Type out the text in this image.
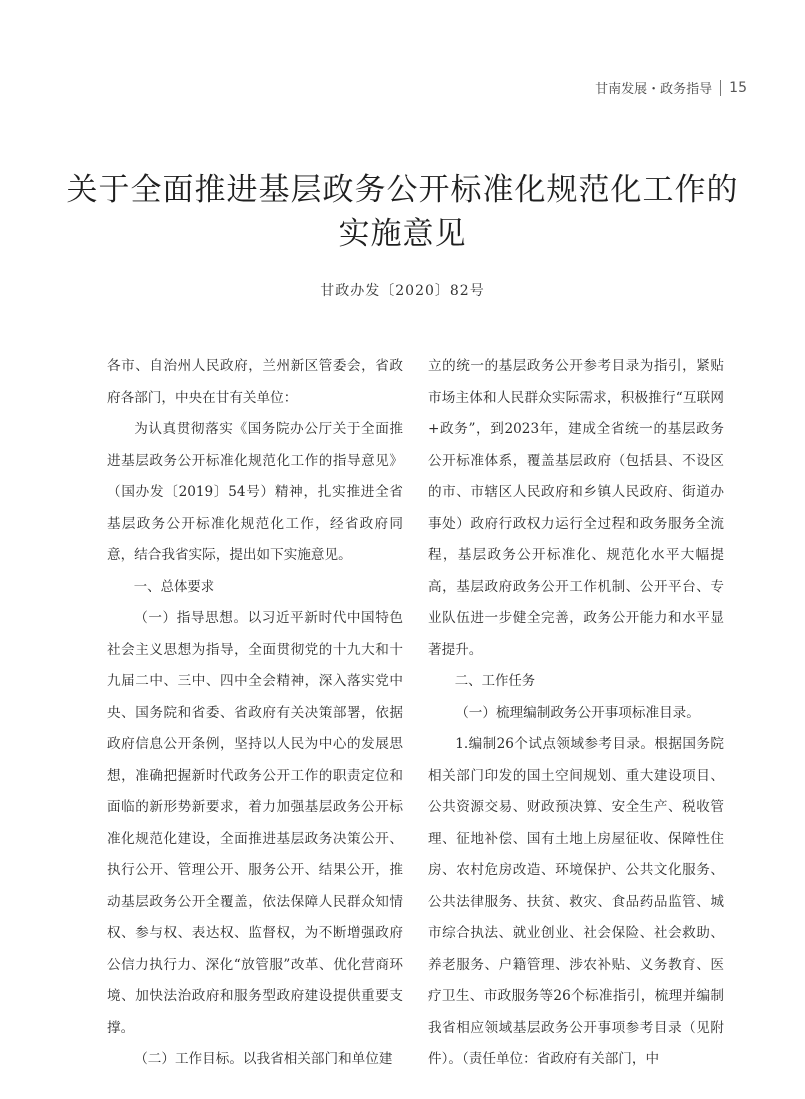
甘南发展・政务指导 15
关于全面推进基层政务公开标准化规范化工作的
实施意见
甘政办发〔2020〕82号

各市、自治州人民政府，兰州新区管委会，省政府各部门，中央在甘有关单位：

为认真贯彻落实《国务院办公厅关于全面推进基层政务公开标准化规范化工作的指导意见》（国办发〔2019〕54号）精神，扎实推进全省基层政务公开标准化规范化工作，经省政府同意，结合我省实际，提出如下实施意见。

一、总体要求

（一）指导思想。以习近平新时代中国特色社会主义思想为指导，全面贯彻党的十九大和十九届二中、三中、四中全会精神，深入落实党中央、国务院和省委、省政府有关决策部署，依据政府信息公开条例，坚持以人民为中心的发展思想，准确把握新时代政务公开工作的职责定位和面临的新形势新要求，着力加强基层政务公开标准化规范化建设，全面推进基层政务决策公开、执行公开、管理公开、服务公开、结果公开，推动基层政务公开全覆盖，依法保障人民群众知情权、参与权、表达权、监督权，为不断增强政府公信力执行力、深化“放管服”改革、优化营商环境、加快法治政府和服务型政府建设提供重要支撑。

（二）工作目标。以我省相关部门和单位建

立的统一的基层政务公开参考目录为指引，紧贴市场主体和人民群众实际需求，积极推行“互联网+政务”，到2023年，建成全省统一的基层政务公开标准体系，覆盖基层政府（包括县、不设区的市、市辖区人民政府和乡镇人民政府、街道办事处）政府行政权力运行全过程和政务服务全流程，基层政务公开标准化、规范化水平大幅提高，基层政府政务公开工作机制、公开平台、专业队伍进一步健全完善，政务公开能力和水平显著提升。

二、工作任务

（一）梳理编制政务公开事项标准目录。

1.编制26个试点领域参考目录。根据国务院相关部门印发的国土空间规划、重大建设项目、公共资源交易、财政预决算、安全生产、税收管理、征地补偿、国有土地上房屋征收、保障性住房、农村危房改造、环境保护、公共文化服务、公共法律服务、扶贫、救灾、食品药品监管、城市综合执法、就业创业、社会保险、社会救助、养老服务、户籍管理、涉农补贴、义务教育、医疗卫生、市政服务等26个标准指引，梳理并编制我省相应领域基层政务公开事项参考目录（见附件）。（责任单位：省政府有关部门，中
